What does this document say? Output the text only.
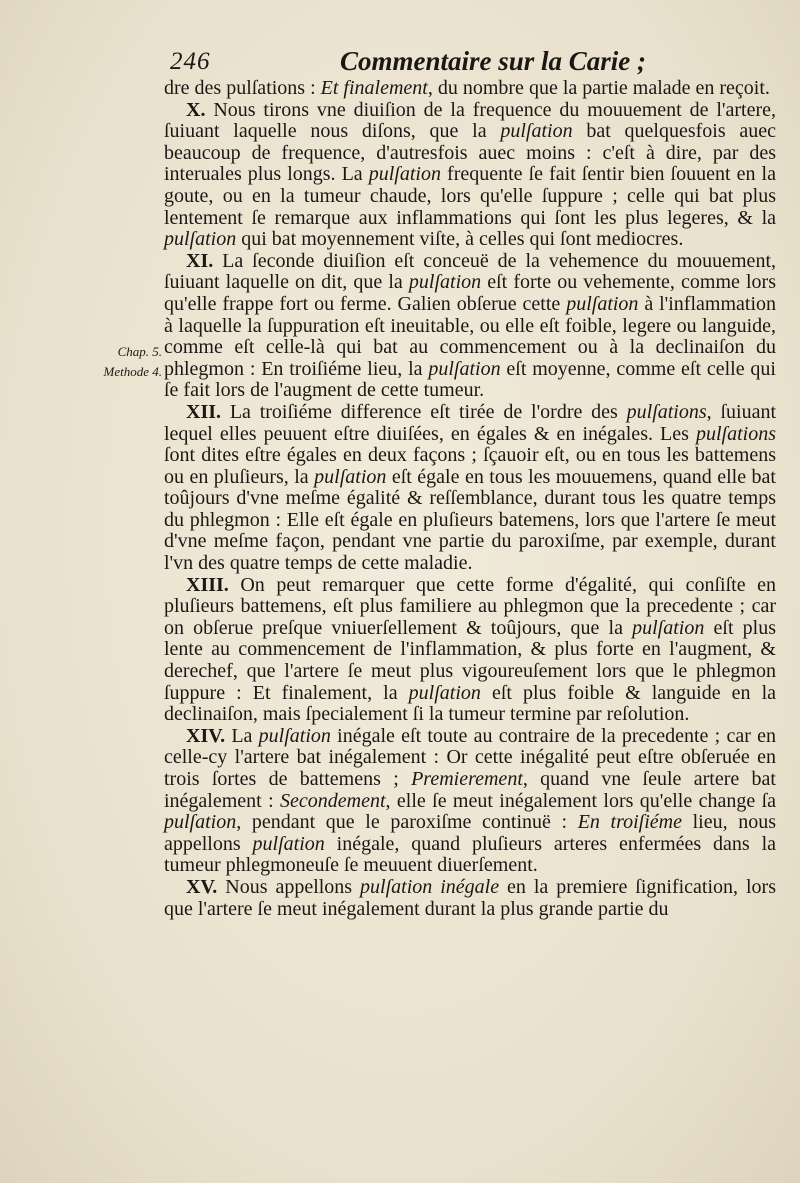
246	Commentaire sur la Carie ;
Chap. 5.
Methode 4.

dre des pulſations : Et finalement, du nombre que la partie malade en reçoit.

X. Nous tirons vne diuiſion de la frequence du mouuement de l'artere, ſuiuant laquelle nous diſons, que la pulſation bat quelquesfois auec beaucoup de frequence, d'autresfois auec moins : c'eſt à dire, par des interuales plus longs. La pulſation frequente ſe fait ſentir bien ſouuent en la goute, ou en la tumeur chaude, lors qu'elle ſuppure ; celle qui bat plus lentement ſe remarque aux inflammations qui ſont les plus legeres, & la pulſation qui bat moyennement viſte, à celles qui ſont mediocres.

XI. La ſeconde diuiſion eſt conceuë de la vehemence du mouuement, ſuiuant laquelle on dit, que la pulſation eſt forte ou vehemente, comme lors qu'elle frappe fort ou ferme. Galien obſerue cette pulſation à l'inflammation à laquelle la ſuppuration eſt ineuitable, ou elle eſt foible, legere ou languide, comme eſt celle-là qui bat au commencement ou à la declinaiſon du phlegmon : En troiſiéme lieu, la pulſation eſt moyenne, comme eſt celle qui ſe fait lors de l'augment de cette tumeur.

XII. La troiſiéme difference eſt tirée de l'ordre des pulſations, ſuiuant lequel elles peuuent eſtre diuiſées, en égales & en inégales. Les pulſations ſont dites eſtre égales en deux façons ; ſçauoir eſt, ou en tous les battemens ou en pluſieurs, la pulſation eſt égale en tous les mouuemens, quand elle bat toûjours d'vne meſme égalité & reſſemblance, durant tous les quatre temps du phlegmon : Elle eſt égale en pluſieurs batemens, lors que l'artere ſe meut d'vne meſme façon, pendant vne partie du paroxiſme, par exemple, durant l'vn des quatre temps de cette maladie.

XIII. On peut remarquer que cette forme d'égalité, qui conſiſte en pluſieurs battemens, eſt plus familiere au phlegmon que la precedente ; car on obſerue preſque vniuerſellement & toûjours, que la pulſation eſt plus lente au commencement de l'inflammation, & plus forte en l'augment, & derechef, que l'artere ſe meut plus vigoureuſement lors que le phlegmon ſuppure : Et finalement, la pulſation eſt plus foible & languide en la declinaiſon, mais ſpecialement ſi la tumeur termine par reſolution.

XIV. La pulſation inégale eſt toute au contraire de la precedente ; car en celle-cy l'artere bat inégalement : Or cette inégalité peut eſtre obſeruée en trois ſortes de battemens ; Premierement, quand vne ſeule artere bat inégalement : Secondement, elle ſe meut inégalement lors qu'elle change ſa pulſation, pendant que le paroxiſme continuë : En troiſiéme lieu, nous appellons pulſation inégale, quand pluſieurs arteres enfermées dans la tumeur phlegmoneuſe ſe meuuent diuerſement.

XV. Nous appellons pulſation inégale en la premiere ſignification, lors que l'artere ſe meut inégalement durant la plus grande partie du
